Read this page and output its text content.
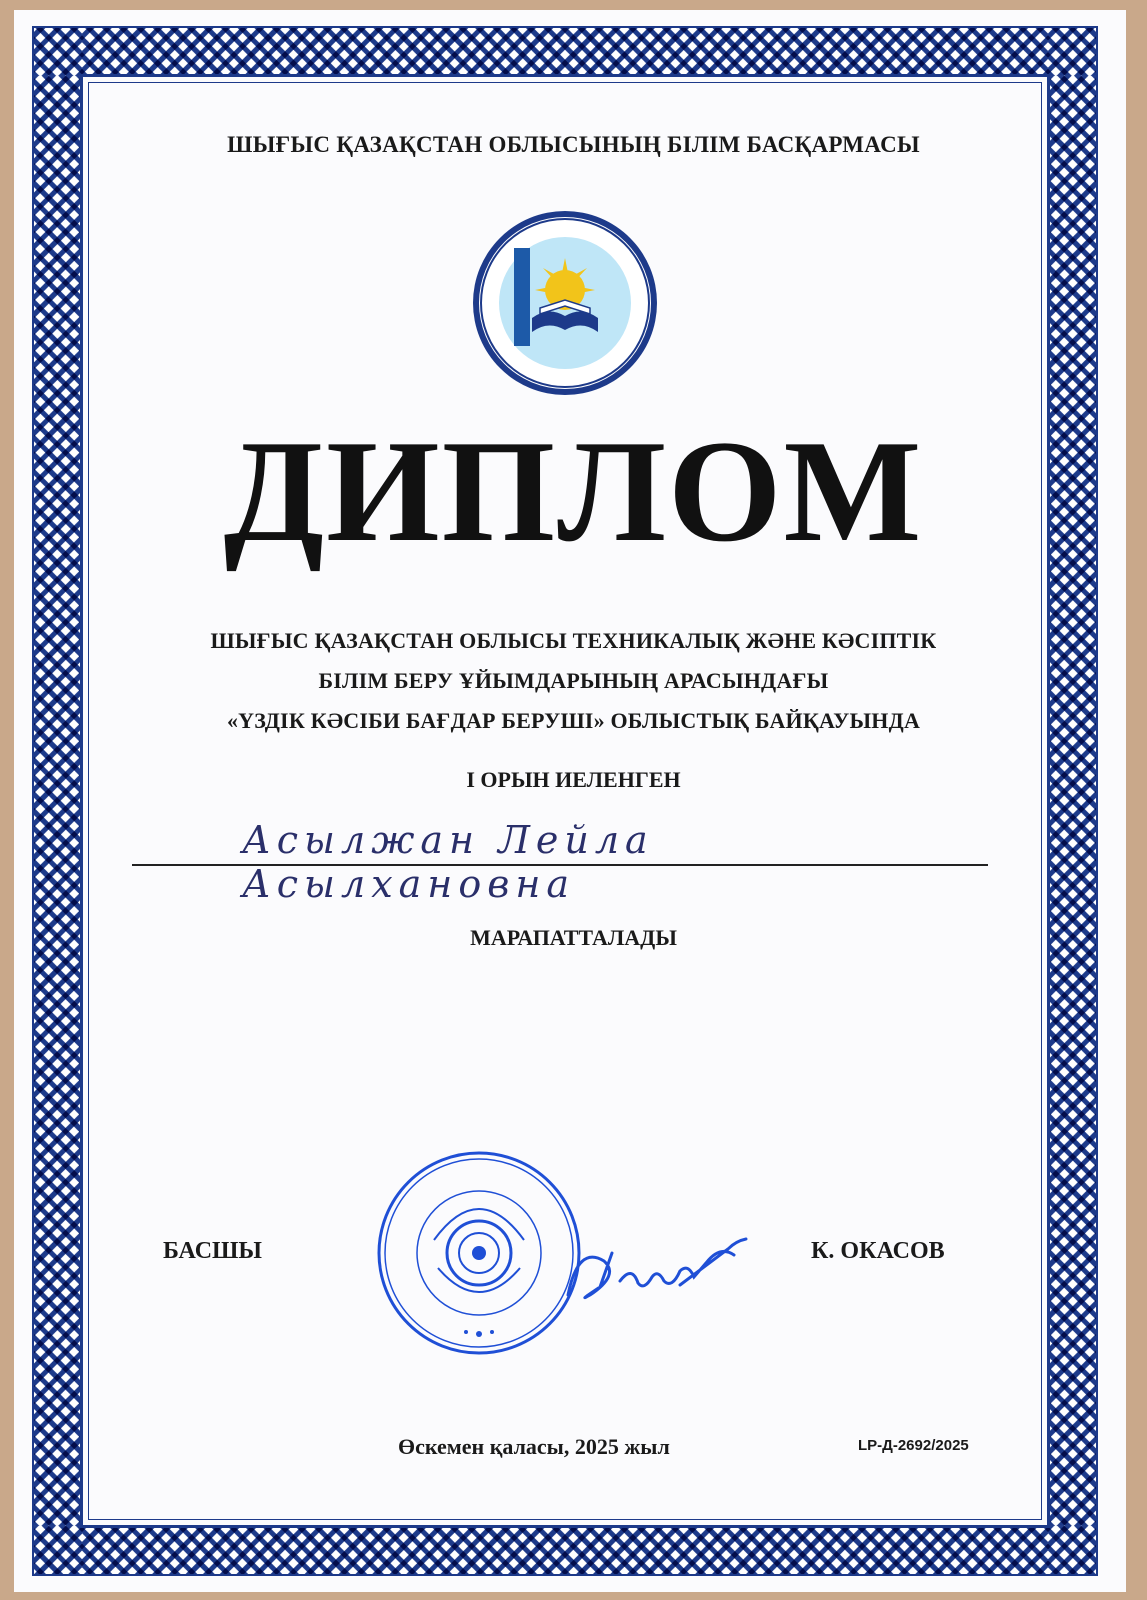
ШЫҒЫС ҚАЗАҚСТАН ОБЛЫСЫНЫҢ БІЛІМ БАСҚАРМАСЫ
ДИПЛОМ
ШЫҒЫС ҚАЗАҚСТАН ОБЛЫСЫ ТЕХНИКАЛЫҚ ЖӘНЕ КӘСІПТІК
БІЛІМ БЕРУ ҰЙЫМДАРЫНЫҢ АРАСЫНДАҒЫ
«ҮЗДІК КӘСІБИ БАҒДАР БЕРУШІ» ОБЛЫСТЫҚ БАЙҚАУЫНДА
І ОРЫН ИЕЛЕНГЕН
Асылжан Лейла Асылхановна
МАРАПАТТАЛАДЫ
БАСШЫ	К. ОКАСОВ
Өскемен қаласы, 2025 жыл	LP-Д-2692/2025
